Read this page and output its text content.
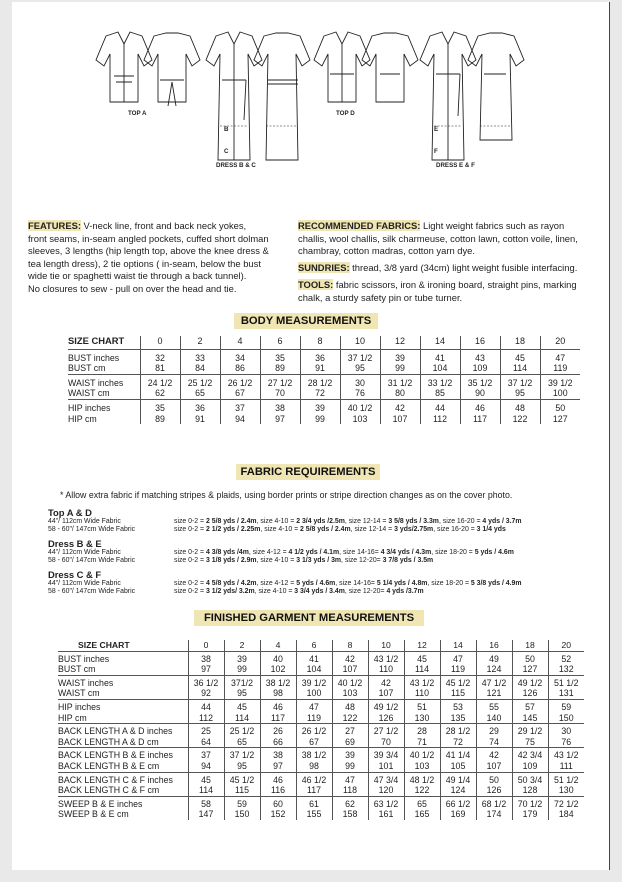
TOP A	TOP D
DRESS B & C	DRESS E & F
B
C
E
F
FEATURES: V-neck line, front and back neck yokes,
front seams, in-seam angled pockets, cuffed short dolman
sleeves, 3 lengths (hip length top, above the knee dress &
tea length dress), 2 tie options ( in-seam, below the bust
wide tie or spaghetti waist tie through a back tunnel).
No closures to sew - pull on over the head and tie.
RECOMMENDED FABRICS: Light weight fabrics such as rayon
challis, wool challis, silk charmeuse, cotton lawn, cotton voile, linen,
chambray, cotton madras, cotton yarn dye.
SUNDRIES: thread, 3/8 yard (34cm) light weight fusible interfacing.
TOOLS: fabric scissors, iron & ironing board, straight pins, marking
chalk, a sturdy safety pin or tube turner.
BODY MEASUREMENTS
SIZE CHART	0	2	4	6	8	10	12	14	16	18	20
BUST inches	32	33	34	35	36	37 1/2	39	41	43	45	47
BUST cm	81	84	86	89	91	95	99	104	109	114	119
WAIST inches	24 1/2	25 1/2	26 1/2	27 1/2	28 1/2	30	31 1/2	33 1/2	35 1/2	37 1/2	39 1/2
WAIST cm	62	65	67	70	72	76	80	85	90	95	100
HIP inches	35	36	37	38	39	40 1/2	42	44	46	48	50
HIP cm	89	91	94	97	99	103	107	112	117	122	127
FABRIC REQUIREMENTS
* Allow extra fabric if matching stripes & plaids, using border prints or stripe direction changes as on the cover photo.
Top A & D
44"/ 112cm Wide Fabric	size 0-2 = 2 5/8 yds / 2.4m, size 4-10 = 2 3/4 yds /2.5m, size 12-14 = 3 5/8 yds / 3.3m, size 16-20 = 4 yds / 3.7m
58 - 60"/ 147cm Wide Fabric	size 0-2 = 2 1/2 yds / 2.25m, size 4-10 = 2 5/8 yds / 2.4m, size 12-14 = 3 yds/2.75m, size 16-20 = 3 1/4 yds
Dress B & E
44"/ 112cm Wide Fabric	size 0-2 = 4 3/8 yds /4m, size 4-12 = 4 1/2 yds / 4.1m, size 14-16= 4 3/4 yds / 4.3m, size 18-20 = 5 yds / 4.6m
58 - 60"/ 147cm Wide Fabric	size 0-2 = 3 1/8 yds / 2.9m, size 4-10 = 3 1/3 yds / 3m, size 12-20= 3 7/8 yds / 3.5m
Dress C & F
44"/ 112cm Wide Fabric	size 0-2 = 4 5/8 yds / 4.2m, size 4-12 = 5 yds / 4.6m, size 14-16= 5 1/4 yds / 4.8m, size 18-20 = 5 3/8 yds / 4.9m
58 - 60"/ 147cm Wide Fabric	size 0-2 = 3 1/2 yds/ 3.2m, size 4-10 = 3 3/4 yds / 3.4m, size 12-20= 4 yds /3.7m
FINISHED GARMENT MEASUREMENTS
SIZE CHART	0	2	4	6	8	10	12	14	16	18	20
BUST inches	38	39	40	41	42	43 1/2	45	47	49	50	52
BUST cm	97	99	102	104	107	110	114	119	124	127	132
WAIST inches	36 1/2	371/2	38 1/2	39 1/2	40 1/2	42	43 1/2	45 1/2	47 1/2	49 1/2	51 1/2
WAIST cm	92	95	98	100	103	107	110	115	121	126	131
HIP inches	44	45	46	47	48	49 1/2	51	53	55	57	59
HIP cm	112	114	117	119	122	126	130	135	140	145	150
BACK LENGTH A & D inches	25	25 1/2	26	26 1/2	27	27 1/2	28	28 1/2	29	29 1/2	30
BACK LENGTH A & D cm	64	65	66	67	69	70	71	72	74	75	76
BACK LENGTH B & E inches	37	37 1/2	38	38 1/2	39	39 3/4	40 1/2	41 1/4	42	42 3/4	43 1/2
BACK LENGTH B & E cm	94	95	97	98	99	101	103	105	107	109	111
BACK LENGTH C & F inches	45	45 1/2	46	46 1/2	47	47 3/4	48 1/2	49 1/4	50	50 3/4	51 1/2
BACK LENGTH C & F cm	114	115	116	117	118	120	122	124	126	128	130
SWEEP B & E inches	58	59	60	61	62	63 1/2	65	66 1/2	68 1/2	70 1/2	72 1/2
SWEEP B & E cm	147	150	152	155	158	161	165	169	174	179	184
